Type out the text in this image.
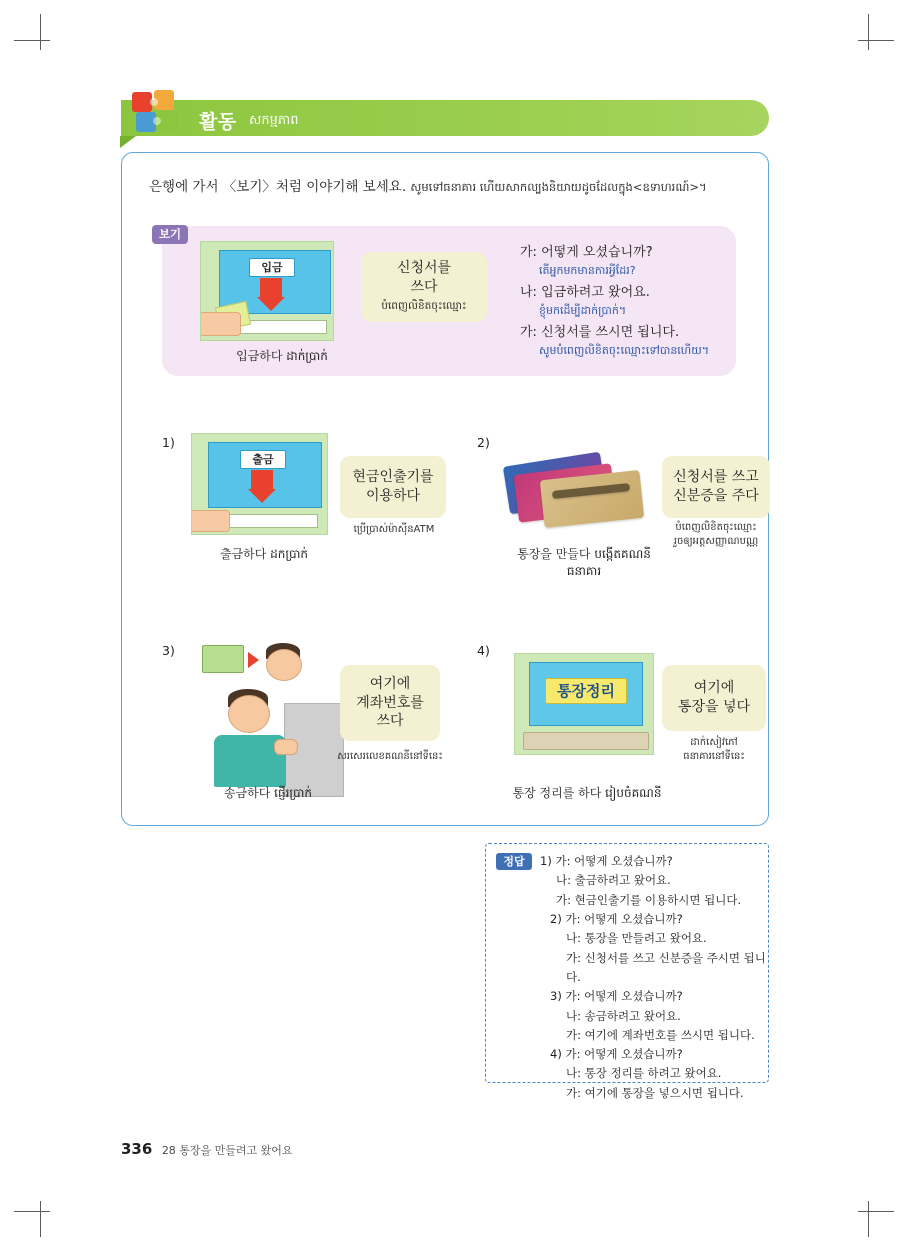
활동 សកម្មភាព
은행에 가서 〈보기〉처럼 이야기해 보세요. សូមទៅធនាគារ ហើយសាកល្បងនិយាយដូចដែលក្នុង<ឧទាហរណ៍>។
보기
입금
입금하다 ដាក់ប្រាក់
신청서를
쓰다
បំពេញលិខិតចុះឈ្មោះ
가: 어떻게 오셨습니까?
តើអ្នកមកមានការអ្វីដែរ?
나: 입금하려고 왔어요.
ខ្ញុំមកដើម្បីដាក់ប្រាក់។
가: 신청서를 쓰시면 됩니다.
សូមបំពេញលិខិតចុះឈ្មោះទៅបានហើយ។
1)
출금
현금인출기를
이용하다
ប្រើប្រាស់ម៉ាស៊ីនATM
출금하다 ដកប្រាក់
2)
신청서를 쓰고
신분증을 주다
បំពេញលិខិតចុះឈ្មោះ
រួចឲ្យអត្តសញ្ញាណបណ្ណ
통장을 만들다 បង្កើតគណនីធនាគារ
3)
여기에
계좌번호를
쓰다
សរសេរលេខគណនីនៅទីនេះ
송금하다 ផ្ញើរប្រាក់
4)
통장정리	여기에
통장을 넣다
ដាក់សៀវភៅ
ធនាគារនៅទីនេះ
통장 정리를 하다 រៀបចំគណនី
정답	1) 가: 어떻게 오셨습니까?
나: 출금하려고 왔어요.
가: 현금인출기를 이용하시면 됩니다.
2) 가: 어떻게 오셨습니까?
나: 통장을 만들려고 왔어요.
가: 신청서를 쓰고 신분증을 주시면 됩니다.
3) 가: 어떻게 오셨습니까?
나: 송금하려고 왔어요.
가: 여기에 계좌번호를 쓰시면 됩니다.
4) 가: 어떻게 오셨습니까?
나: 통장 정리를 하려고 왔어요.
가: 여기에 통장을 넣으시면 됩니다.
336 28 통장을 만들려고 왔어요
